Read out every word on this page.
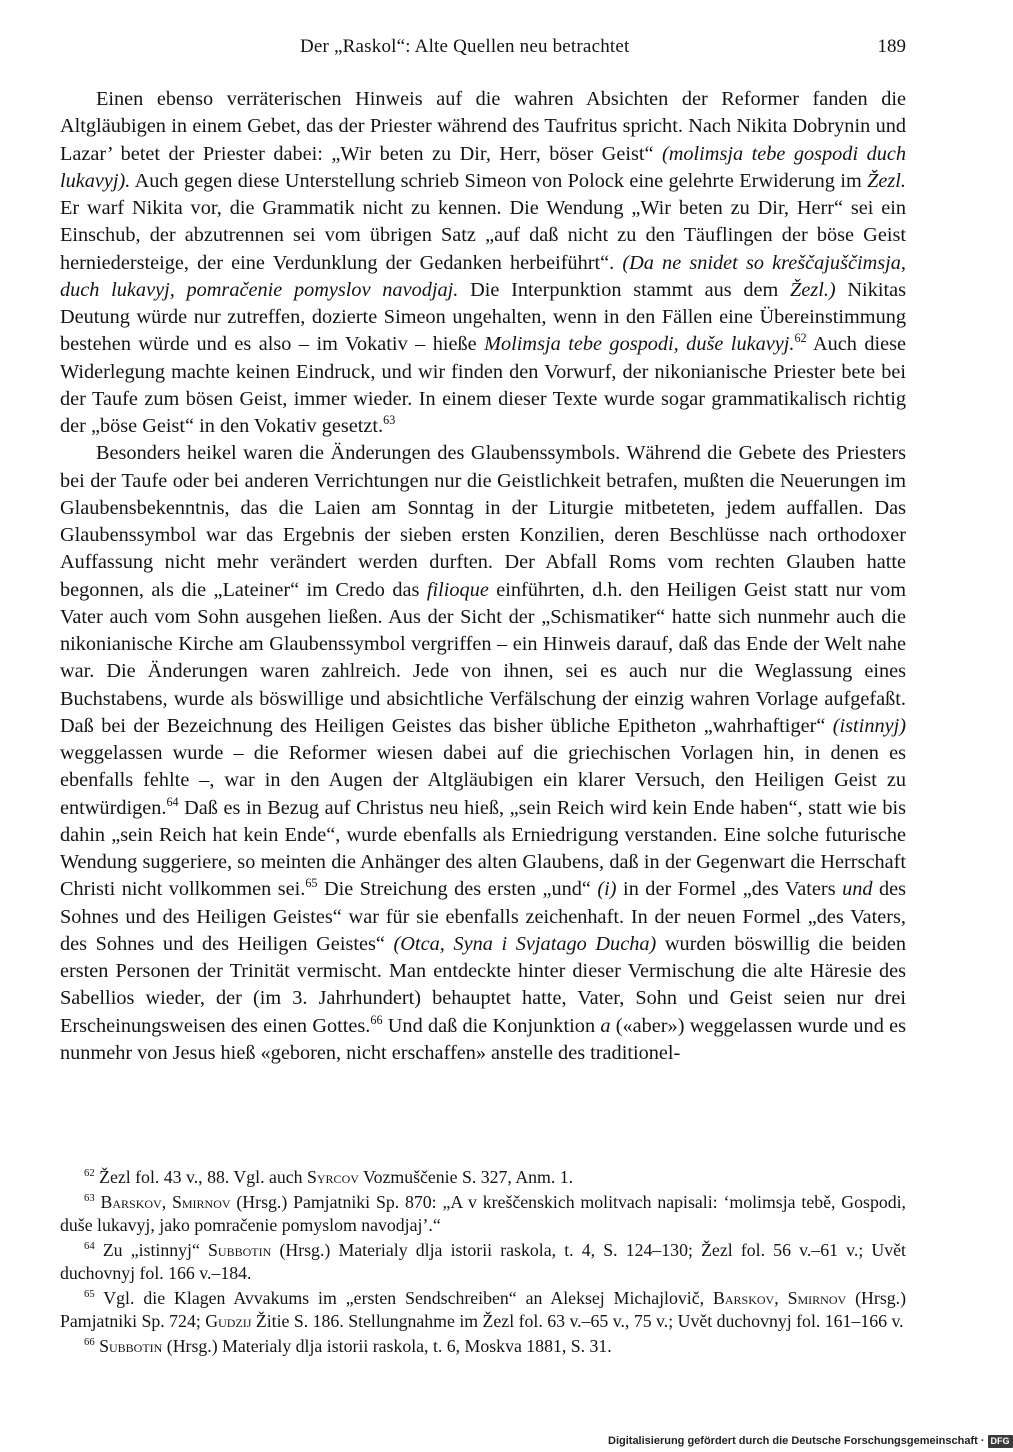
Der „Raskol“: Alte Quellen neu betrachtet	189

Einen ebenso verräterischen Hinweis auf die wahren Absichten der Reformer fanden die Altgläubigen in einem Gebet, das der Priester während des Taufritus spricht. Nach Nikita Dobrynin und Lazar’ betet der Priester dabei: „Wir beten zu Dir, Herr, böser Geist“ (molimsja tebe gospodi duch lukavyj). Auch gegen diese Unterstellung schrieb Simeon von Polock eine gelehrte Erwiderung im Žezl. Er warf Nikita vor, die Grammatik nicht zu kennen. Die Wendung „Wir beten zu Dir, Herr“ sei ein Einschub, der abzutrennen sei vom übrigen Satz „auf daß nicht zu den Täuflingen der böse Geist herniedersteige, der eine Verdunklung der Gedanken herbeiführt“. (Da ne snidet so kreščajuščimsja, duch lukavyj, pomračenie pomyslov navodjaj. Die Interpunktion stammt aus dem Žezl.) Nikitas Deutung würde nur zutreffen, dozierte Simeon ungehalten, wenn in den Fällen eine Übereinstimmung bestehen würde und es also – im Vokativ – hieße Molimsja tebe gospodi, duše lukavyj.$^{62}$ Auch diese Widerlegung machte keinen Eindruck, und wir finden den Vorwurf, der nikonianische Priester bete bei der Taufe zum bösen Geist, immer wieder. In einem dieser Texte wurde sogar grammatikalisch richtig der „böse Geist“ in den Vokativ gesetzt.$^{63}$

Besonders heikel waren die Änderungen des Glaubenssymbols. Während die Gebete des Priesters bei der Taufe oder bei anderen Verrichtungen nur die Geistlichkeit betrafen, mußten die Neuerungen im Glaubensbekenntnis, das die Laien am Sonntag in der Liturgie mitbeteten, jedem auffallen. Das Glaubenssymbol war das Ergebnis der sieben ersten Konzilien, deren Beschlüsse nach orthodoxer Auffassung nicht mehr verändert werden durften. Der Abfall Roms vom rechten Glauben hatte begonnen, als die „Lateiner“ im Credo das filioque einführten, d.h. den Heiligen Geist statt nur vom Vater auch vom Sohn ausgehen ließen. Aus der Sicht der „Schismatiker“ hatte sich nunmehr auch die nikonianische Kirche am Glaubenssymbol vergriffen – ein Hinweis darauf, daß das Ende der Welt nahe war. Die Änderungen waren zahlreich. Jede von ihnen, sei es auch nur die Weglassung eines Buchstabens, wurde als böswillige und absichtliche Verfälschung der einzig wahren Vorlage aufgefaßt. Daß bei der Bezeichnung des Heiligen Geistes das bisher übliche Epitheton „wahrhaftiger“ (istinnyj) weggelassen wurde – die Reformer wiesen dabei auf die griechischen Vorlagen hin, in denen es ebenfalls fehlte –, war in den Augen der Altgläubigen ein klarer Versuch, den Heiligen Geist zu entwürdigen.$^{64}$ Daß es in Bezug auf Christus neu hieß, „sein Reich wird kein Ende haben“, statt wie bis dahin „sein Reich hat kein Ende“, wurde ebenfalls als Erniedrigung verstanden. Eine solche futurische Wendung suggeriere, so meinten die Anhänger des alten Glaubens, daß in der Gegenwart die Herrschaft Christi nicht vollkommen sei.$^{65}$ Die Streichung des ersten „und“ (i) in der Formel „des Vaters und des Sohnes und des Heiligen Geistes“ war für sie ebenfalls zeichenhaft. In der neuen Formel „des Vaters, des Sohnes und des Heiligen Geistes“ (Otca, Syna i Svjatago Ducha) wurden böswillig die beiden ersten Personen der Trinität vermischt. Man entdeckte hinter dieser Vermischung die alte Häresie des Sabellios wieder, der (im 3. Jahrhundert) behauptet hatte, Vater, Sohn und Geist seien nur drei Erscheinungsweisen des einen Gottes.$^{66}$ Und daß die Konjunktion a («aber») weggelassen wurde und es nunmehr von Jesus hieß «geboren, nicht erschaffen» anstelle des traditionel-

$^{62}$ Žezl fol. 43 v., 88. Vgl. auch Syrcov Vozmuščenie S. 327, Anm. 1.

$^{63}$ Barskov, Smirnov (Hrsg.) Pamjatniki Sp. 870: „A v kreščenskich molitvach napisali: ‘molimsja tebě, Gospodi, duše lukavyj, jako pomračenie pomyslom navodjaj’.“

$^{64}$ Zu „istinnyj“ Subbotin (Hrsg.) Materialy dlja istorii raskola, t. 4, S. 124–130; Žezl fol. 56 v.–61 v.; Uvět duchovnyj fol. 166 v.–184.

$^{65}$ Vgl. die Klagen Avvakums im „ersten Sendschreiben“ an Aleksej Michajlovič, Barskov, Smirnov (Hrsg.) Pamjatniki Sp. 724; Gudzij Žitie S. 186. Stellungnahme im Žezl fol. 63 v.–65 v., 75 v.; Uvět duchovnyj fol. 161–166 v.

$^{66}$ Subbotin (Hrsg.) Materialy dlja istorii raskola, t. 6, Moskva 1881, S. 31.

Digitalisierung gefördert durch die Deutsche Forschungsgemeinschaft · DFG
